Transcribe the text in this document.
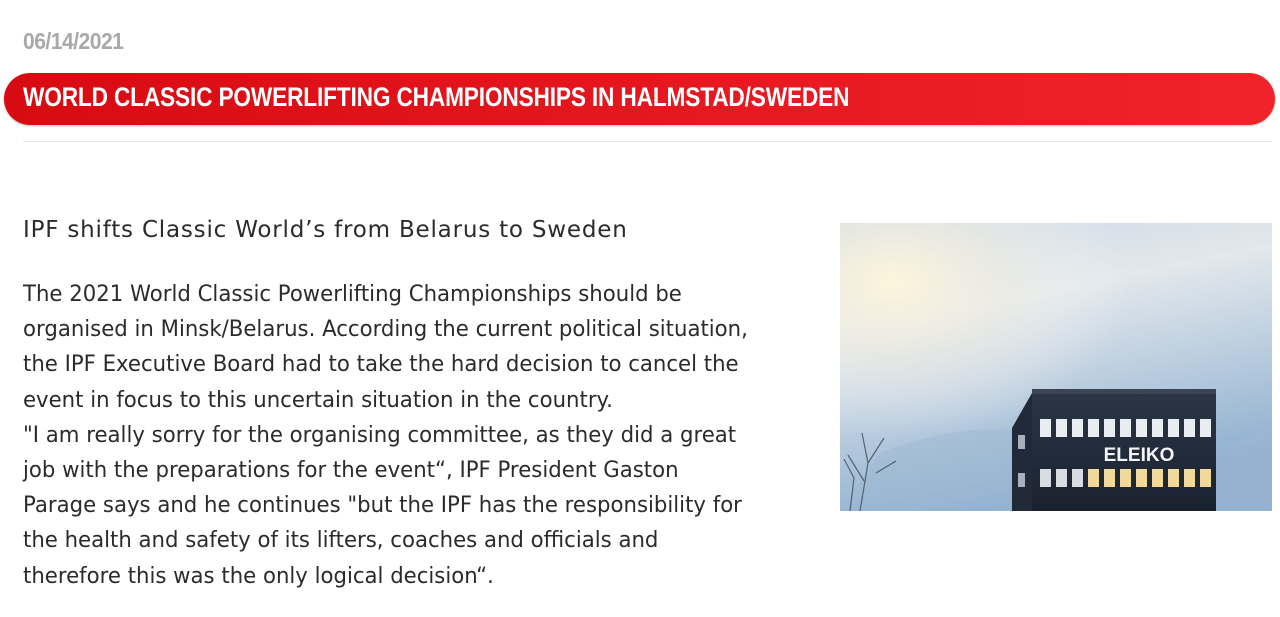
06/14/2021
WORLD CLASSIC POWERLIFTING CHAMPIONSHIPS IN HALMSTAD/SWEDEN
IPF shifts Classic World’s from Belarus to Sweden

The 2021 World Classic Powerlifting Championships should be
organised in Minsk/Belarus. According the current political situation,
the IPF Executive Board had to take the hard decision to cancel the
event in focus to this uncertain situation in the country.
"I am really sorry for the organising committee, as they did a great
job with the preparations for the event“, IPF President Gaston
Parage says and he continues "but the IPF has the responsibility for
the health and safety of its lifters, coaches and officials and
therefore this was the only logical decision“.

ELEIKO
